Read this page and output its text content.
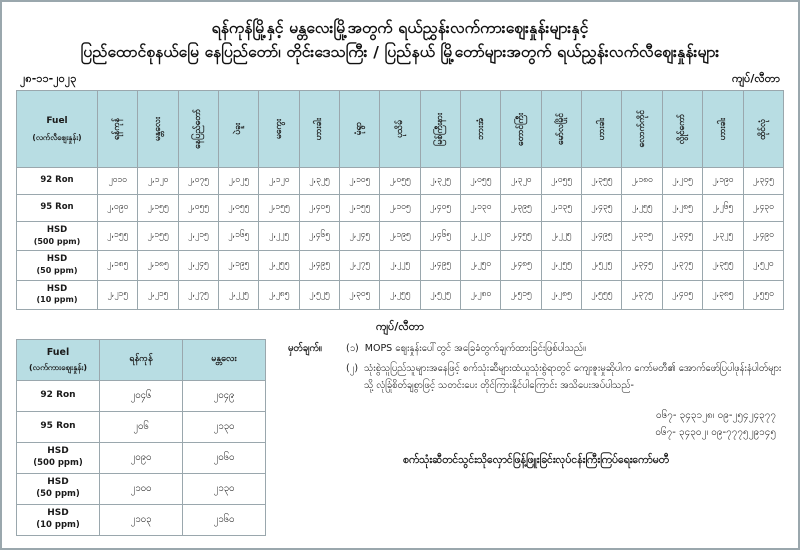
ရန်ကုန်မြို့နှင့် မန္တလေးမြို့အတွက် ရယ်ညွှန်းလက်ကားဈေးနှုန်းများနှင့်
ပြည်ထောင်စုနယ်မြေ နေပြည်တော်၊ တိုင်းဒေသကြီး / ပြည်နယ် မြို့တော်များအတွက် ရယ်ညွှန်းလက်လီဈေးနှုန်းများ
၂၈-၁၁-၂၀၂၃	ကျပ်/လီတာ
Fuel
(လက်လီဈေးနှုန်း)	ရန်ကုန်	မန္တလေး	နေပြည်တော်	ပဲခူး	မကွေး	ဟားခါး	မုံရွာ	ပုသိမ်	မြစ်ကြီးနား	ဘားအံ	တောင်ကြီး	မော်လမြိုင်	ဟားခါး	လောက်ကိုင်	လွိုင်ကော်	ဟားခါး	ထိုင်လုံ

92 Ron	၂၀၁၀	၂,၁၂၀	၂,၀၇၅	၂,၀၂၅	၂,၁၂၀	၂,၃၂၅	၂,၁၀၅	၂,၀၅၅	၂,၃၂၅	၂,၀၅၅	၂,၃၂၀	၂,၀၅၅	၂,၃၅၅	၂,၁၈၀	၂,၂၀၅	၂,၁၉၀	၂,၃၄၅
95 Ron	၂,၀၉၀	၂,၁၅၅	၂,၀၅၅	၂,၀၅၅	၂,၁၅၅	၂,၄၀၅	၂,၁၅၅	၂,၁၀၅	၂,၄၀၅	၂,၁၃၀	၂,၃၉၅	၂,၁၃၅	၂,၄၃၅	၂,၂၅၅	၂,၂၈၅	၂,၂၆၅	၂,၄၃၀
HSD
(500 ppm)	၂,၁၅၅	၂,၁၅၅	၂,၂၁၅	၂,၁၆၅	၂,၂၂၅	၂,၄၆၅	၂,၂၄၅	၂,၁၉၅	၂,၄၆၅	၂,၂၂၀	၂,၄၅၅	၂,၂၂၅	၂,၄၉၅	၂,၃၁၅	၂,၃၄၅	၂,၃၂၅	၂,၄၉၀
HSD
(50 ppm)	၂,၁၈၅	၂,၁၈၅	၂,၂၄၅	၂,၁၉၅	၂,၂၅၅	၂,၄၉၅	၂,၂၇၅	၂,၂၂၅	၂,၄၉၅	၂,၂၅၀	၂,၄၈၅	၂,၂၅၅	၂,၅၂၅	၂,၃၄၅	၂,၃၇၅	၂,၃၅၅	၂,၅၂၀
HSD
(10 ppm)	၂,၂၁၅	၂,၂၁၅	၂,၂၇၅	၂,၂၂၅	၂,၂၈၅	၂,၅၂၅	၂,၃၀၅	၂,၂၅၅	၂,၅၂၅	၂,၂၈၀	၂,၅၁၅	၂,၂၈၅	၂,၅၅၅	၂,၃၇၅	၂,၄၀၅	၂,၃၈၅	၂,၅၅၀
ကျပ်/လီတာ
Fuel
(လက်ကားဈေးနှုန်း)	ရန်ကုန်	မန္တလေး
92 Ron	၂၀၄၆	၂၀၄၉
95 Ron	၂၀၆	၂၁၃၀
HSD
(500 ppm)	၂၀၉၀	၂၀၆၀
HSD
(50 ppm)	၂၁၀၀	၂၁၃၀
HSD
(10 ppm)	၂၁၀၃	၂၁၆၀
မှတ်ချက်။	(၁) MOPS ဈေးနှုန်းပေါ်တွင် အခြေခံတွက်ချက်ထားခြင်းဖြစ်ပါသည်။
(၂) သုံးစွဲသူပြည်သူများအနေဖြင့် စက်သုံးဆီများထံယူသုံးစွဲရာတွင် ကျေးဇူးမှုဆိုပါက ကော်မတီ၏ အောက်ဖော်ပြပါဖုန်းနံပါတ်များသို့ လုံခြုံစိတ်ချစွာဖြင့် သတင်းပေး တိုင်ကြားနိုင်ပါကြောင်း အသိပေးအပ်ပါသည်-
၀၆၇- ၃၄၃၁၂၈၊ ၀၉-၂၅၄၂၄၃၇၇
၀၆၇- ၃၄၃၀၂၊ ၀၉-၇၇၇၅၂၉၁၄၅
စက်သုံးဆီတင်သွင်းသိုလှောင်ဖြန့်ဖြူးခြင်းလုပ်ငန်းကြီးကြပ်ရေးကော်မတီ
